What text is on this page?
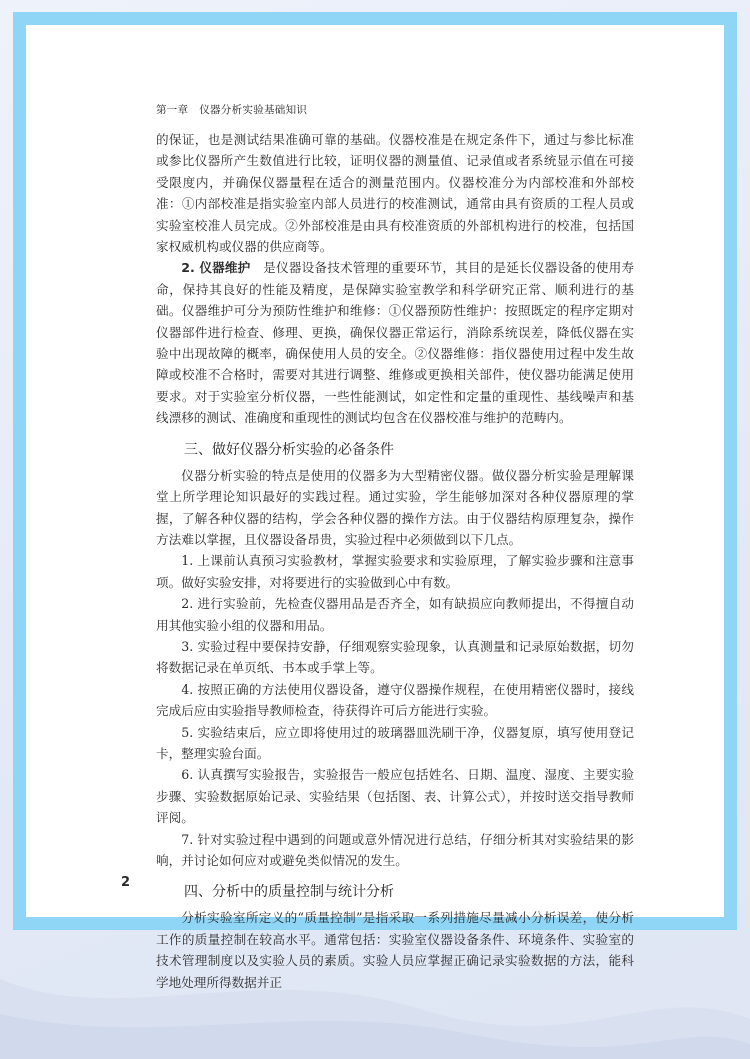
第一章　仪器分析实验基础知识

的保证，也是测试结果准确可靠的基础。仪器校准是在规定条件下，通过与参比标准或参比仪器所产生数值进行比较，证明仪器的测量值、记录值或者系统显示值在可接受限度内，并确保仪器量程在适合的测量范围内。仪器校准分为内部校准和外部校准：①内部校准是指实验室内部人员进行的校准测试，通常由具有资质的工程人员或实验室校准人员完成。②外部校准是由具有校准资质的外部机构进行的校准，包括国家权威机构或仪器的供应商等。

2. 仪器维护　是仪器设备技术管理的重要环节，其目的是延长仪器设备的使用寿命，保持其良好的性能及精度，是保障实验室教学和科学研究正常、顺利进行的基础。仪器维护可分为预防性维护和维修：①仪器预防性维护：按照既定的程序定期对仪器部件进行检查、修理、更换，确保仪器正常运行，消除系统误差，降低仪器在实验中出现故障的概率，确保使用人员的安全。②仪器维修：指仪器使用过程中发生故障或校准不合格时，需要对其进行调整、维修或更换相关部件，使仪器功能满足使用要求。对于实验室分析仪器，一些性能测试，如定性和定量的重现性、基线噪声和基线漂移的测试、准确度和重现性的测试均包含在仪器校准与维护的范畴内。

三、做好仪器分析实验的必备条件

仪器分析实验的特点是使用的仪器多为大型精密仪器。做仪器分析实验是理解课堂上所学理论知识最好的实践过程。通过实验，学生能够加深对各种仪器原理的掌握，了解各种仪器的结构，学会各种仪器的操作方法。由于仪器结构原理复杂，操作方法难以掌握，且仪器设备昂贵，实验过程中必须做到以下几点。

1. 上课前认真预习实验教材，掌握实验要求和实验原理，了解实验步骤和注意事项。做好实验安排，对将要进行的实验做到心中有数。

2. 进行实验前，先检查仪器用品是否齐全，如有缺损应向教师提出，不得擅自动用其他实验小组的仪器和用品。

3. 实验过程中要保持安静，仔细观察实验现象，认真测量和记录原始数据，切勿将数据记录在单页纸、书本或手掌上等。

4. 按照正确的方法使用仪器设备，遵守仪器操作规程，在使用精密仪器时，接线完成后应由实验指导教师检查，待获得许可后方能进行实验。

5. 实验结束后，应立即将使用过的玻璃器皿洗刷干净，仪器复原，填写使用登记卡，整理实验台面。

6. 认真撰写实验报告，实验报告一般应包括姓名、日期、温度、湿度、主要实验步骤、实验数据原始记录、实验结果（包括图、表、计算公式），并按时送交指导教师评阅。

7. 针对实验过程中遇到的问题或意外情况进行总结，仔细分析其对实验结果的影响，并讨论如何应对或避免类似情况的发生。

四、分析中的质量控制与统计分析

分析实验室所定义的“质量控制”是指采取一系列措施尽量减小分析误差，使分析工作的质量控制在较高水平。通常包括：实验室仪器设备条件、环境条件、实验室的技术管理制度以及实验人员的素质。实验人员应掌握正确记录实验数据的方法，能科学地处理所得数据并正

2
